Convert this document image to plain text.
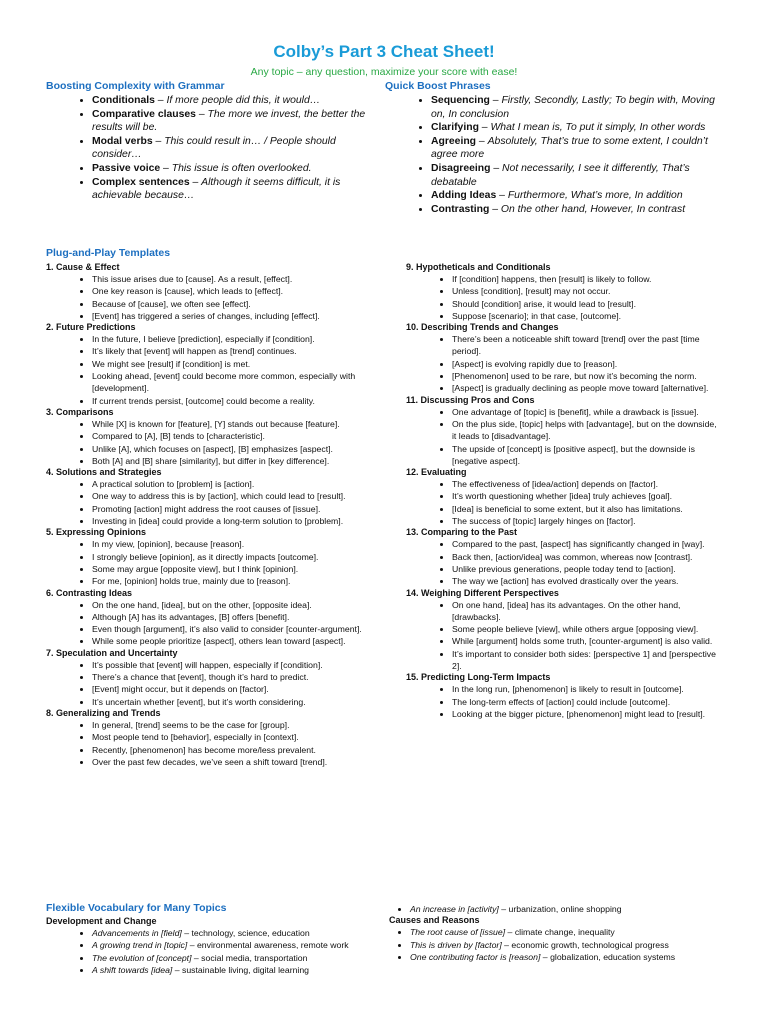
Colby’s Part 3 Cheat Sheet!
Any topic – any question, maximize your score with ease!
Boosting Complexity with Grammar
• Conditionals – If more people did this, it would…
• Comparative clauses – The more we invest, the better the results will be.
• Modal verbs – This could result in… / People should consider…
• Passive voice – This issue is often overlooked.
• Complex sentences – Although it seems difficult, it is achievable because…
Quick Boost Phrases
• Sequencing – Firstly, Secondly, Lastly; To begin with, Moving on, In conclusion
• Clarifying – What I mean is, To put it simply, In other words
• Agreeing – Absolutely, That’s true to some extent, I couldn’t agree more
• Disagreeing – Not necessarily, I see it differently, That’s debatable
• Adding Ideas – Furthermore, What’s more, In addition
• Contrasting – On the other hand, However, In contrast
Plug-and-Play Templates
1. Cause & Effect
• This issue arises due to [cause]. As a result, [effect].
• One key reason is [cause], which leads to [effect].
• Because of [cause], we often see [effect].
• [Event] has triggered a series of changes, including [effect].
2. Future Predictions
• In the future, I believe [prediction], especially if [condition].
• It’s likely that [event] will happen as [trend] continues.
• We might see [result] if [condition] is met.
• Looking ahead, [event] could become more common, especially with [development].
• If current trends persist, [outcome] could become a reality.
3. Comparisons
• While [X] is known for [feature], [Y] stands out because [feature].
• Compared to [A], [B] tends to [characteristic].
• Unlike [A], which focuses on [aspect], [B] emphasizes [aspect].
• Both [A] and [B] share [similarity], but differ in [key difference].
4. Solutions and Strategies
• A practical solution to [problem] is [action].
• One way to address this is by [action], which could lead to [result].
• Promoting [action] might address the root causes of [issue].
• Investing in [idea] could provide a long-term solution to [problem].
5. Expressing Opinions
• In my view, [opinion], because [reason].
• I strongly believe [opinion], as it directly impacts [outcome].
• Some may argue [opposite view], but I think [opinion].
• For me, [opinion] holds true, mainly due to [reason].
6. Contrasting Ideas
• On the one hand, [idea], but on the other, [opposite idea].
• Although [A] has its advantages, [B] offers [benefit].
• Even though [argument], it’s also valid to consider [counter-argument].
• While some people prioritize [aspect], others lean toward [aspect].
7. Speculation and Uncertainty
• It’s possible that [event] will happen, especially if [condition].
• There’s a chance that [event], though it’s hard to predict.
• [Event] might occur, but it depends on [factor].
• It’s uncertain whether [event], but it’s worth considering.
8. Generalizing and Trends
• In general, [trend] seems to be the case for [group].
• Most people tend to [behavior], especially in [context].
• Recently, [phenomenon] has become more/less prevalent.
• Over the past few decades, we’ve seen a shift toward [trend].
9. Hypotheticals and Conditionals
• If [condition] happens, then [result] is likely to follow.
• Unless [condition], [result] may not occur.
• Should [condition] arise, it would lead to [result].
• Suppose [scenario]; in that case, [outcome].
10. Describing Trends and Changes
• There’s been a noticeable shift toward [trend] over the past [time period].
• [Aspect] is evolving rapidly due to [reason].
• [Phenomenon] used to be rare, but now it’s becoming the norm.
• [Aspect] is gradually declining as people move toward [alternative].
11. Discussing Pros and Cons
• One advantage of [topic] is [benefit], while a drawback is [issue].
• On the plus side, [topic] helps with [advantage], but on the downside, it leads to [disadvantage].
• The upside of [concept] is [positive aspect], but the downside is [negative aspect].
12. Evaluating
• The effectiveness of [idea/action] depends on [factor].
• It’s worth questioning whether [idea] truly achieves [goal].
• [Idea] is beneficial to some extent, but it also has limitations.
• The success of [topic] largely hinges on [factor].
13. Comparing to the Past
• Compared to the past, [aspect] has significantly changed in [way].
• Back then, [action/idea] was common, whereas now [contrast].
• Unlike previous generations, people today tend to [action].
• The way we [action] has evolved drastically over the years.
14. Weighing Different Perspectives
• On one hand, [idea] has its advantages. On the other hand, [drawbacks].
• Some people believe [view], while others argue [opposing view].
• While [argument] holds some truth, [counter-argument] is also valid.
• It’s important to consider both sides: [perspective 1] and [perspective 2].
15. Predicting Long-Term Impacts
• In the long run, [phenomenon] is likely to result in [outcome].
• The long-term effects of [action] could include [outcome].
• Looking at the bigger picture, [phenomenon] might lead to [result].
Flexible Vocabulary for Many Topics
Development and Change
• Advancements in [field] – technology, science, education
• A growing trend in [topic] – environmental awareness, remote work
• The evolution of [concept] – social media, transportation
• A shift towards [idea] – sustainable living, digital learning
• An increase in [activity] – urbanization, online shopping
Causes and Reasons
• The root cause of [issue] – climate change, inequality
• This is driven by [factor] – economic growth, technological progress
• One contributing factor is [reason] – globalization, education systems
